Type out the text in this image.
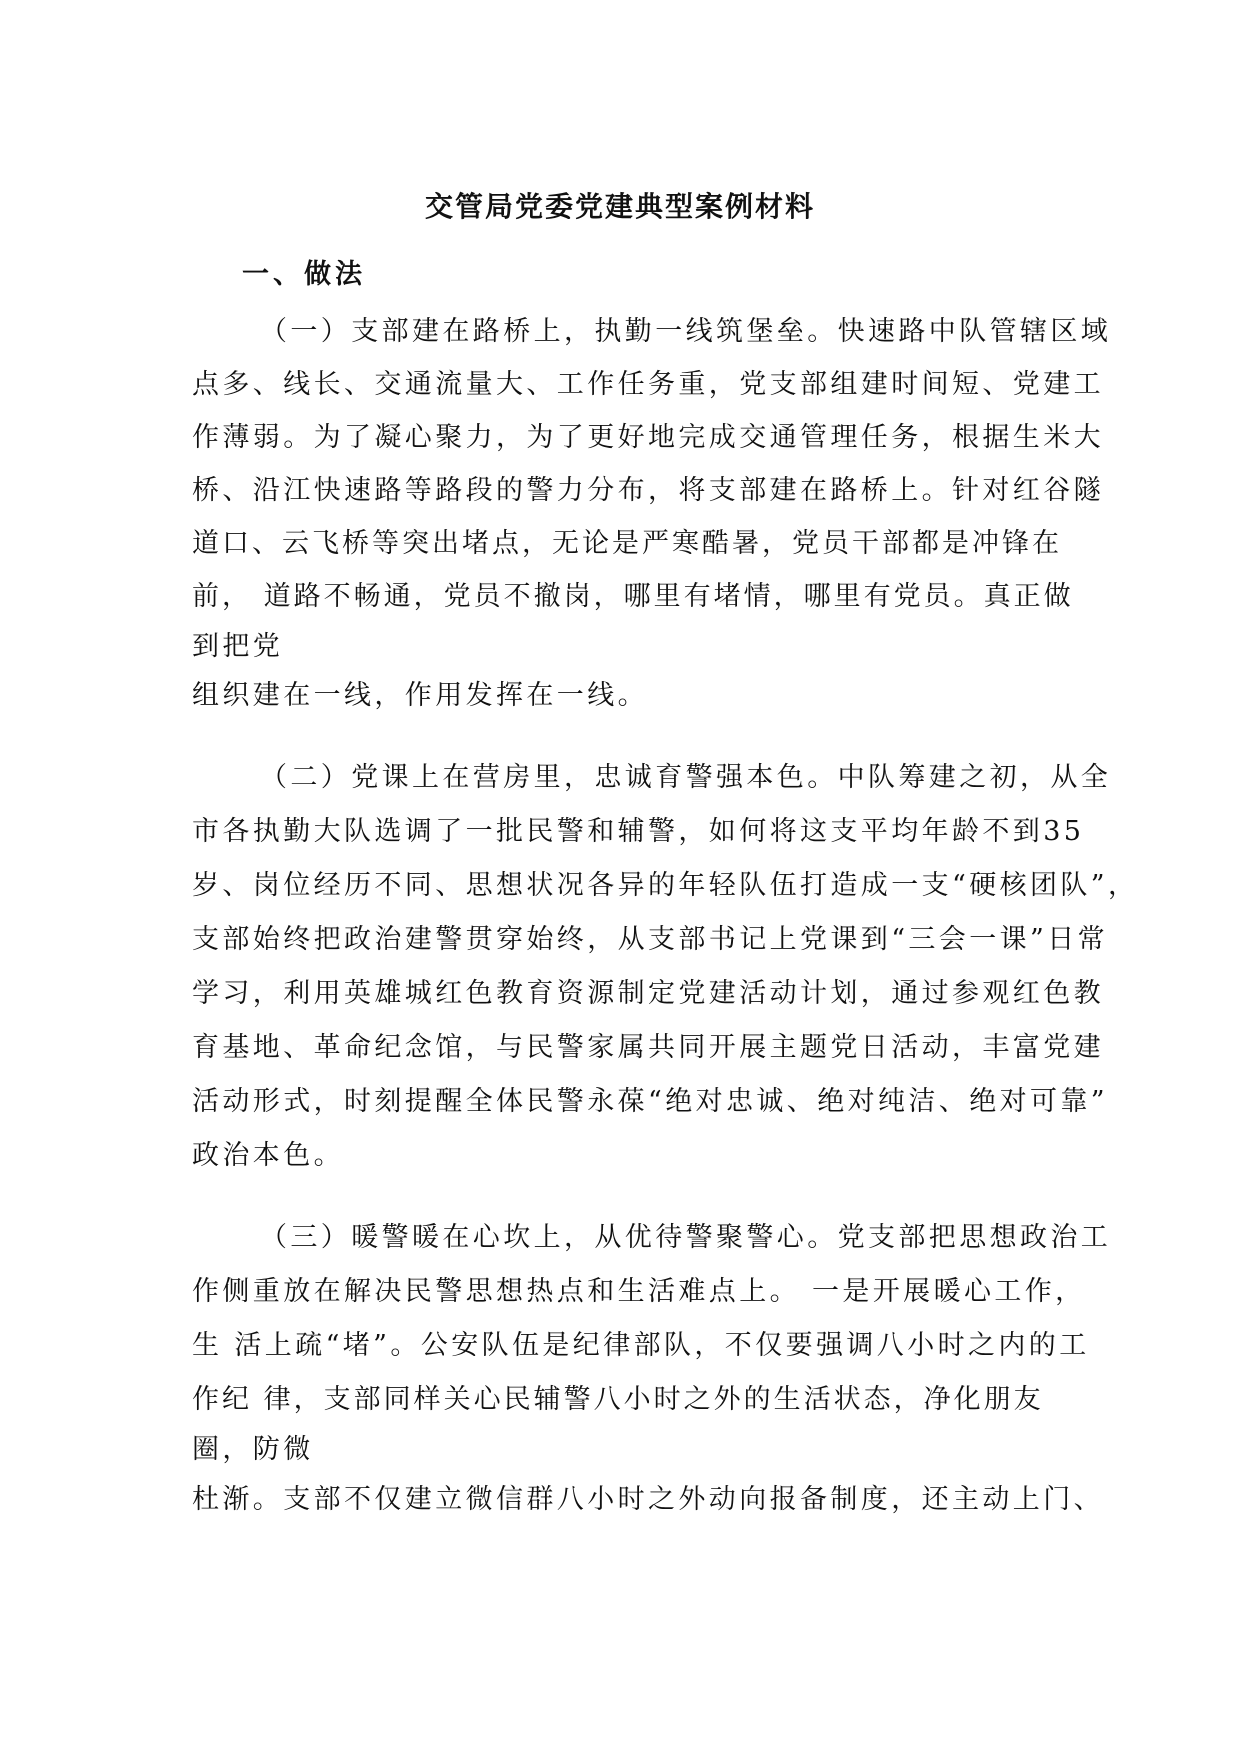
交管局党委党建典型案例材料
一、做法
（一）支部建在路桥上，执勤一线筑堡垒。快速路中队管辖区域
点多、线长、交通流量大、工作任务重，党支部组建时间短、党建工
作薄弱。为了凝心聚力，为了更好地完成交通管理任务，根据生米大
桥、沿江快速路等路段的警力分布，将支部建在路桥上。针对红谷隧
道口、云飞桥等突出堵点，无论是严寒酷暑，党员干部都是冲锋在
前， 道路不畅通，党员不撤岗，哪里有堵情，哪里有党员。真正做
到把党
组织建在一线，作用发挥在一线。
（二）党课上在营房里，忠诚育警强本色。中队筹建之初，从全
市各执勤大队选调了一批民警和辅警，如何将这支平均年龄不到35
岁、岗位经历不同、思想状况各异的年轻队伍打造成一支“硬核团队”，
支部始终把政治建警贯穿始终，从支部书记上党课到“三会一课”日常
学习，利用英雄城红色教育资源制定党建活动计划，通过参观红色教
育基地、革命纪念馆，与民警家属共同开展主题党日活动，丰富党建
活动形式，时刻提醒全体民警永葆“绝对忠诚、绝对纯洁、绝对可靠”
政治本色。
（三）暖警暖在心坎上，从优待警聚警心。党支部把思想政治工
作侧重放在解决民警思想热点和生活难点上。 一是开展暖心工作，
生 活上疏“堵”。公安队伍是纪律部队，不仅要强调八小时之内的工
作纪 律，支部同样关心民辅警八小时之外的生活状态，净化朋友
圈，防微
杜渐。支部不仅建立微信群八小时之外动向报备制度，还主动上门、
